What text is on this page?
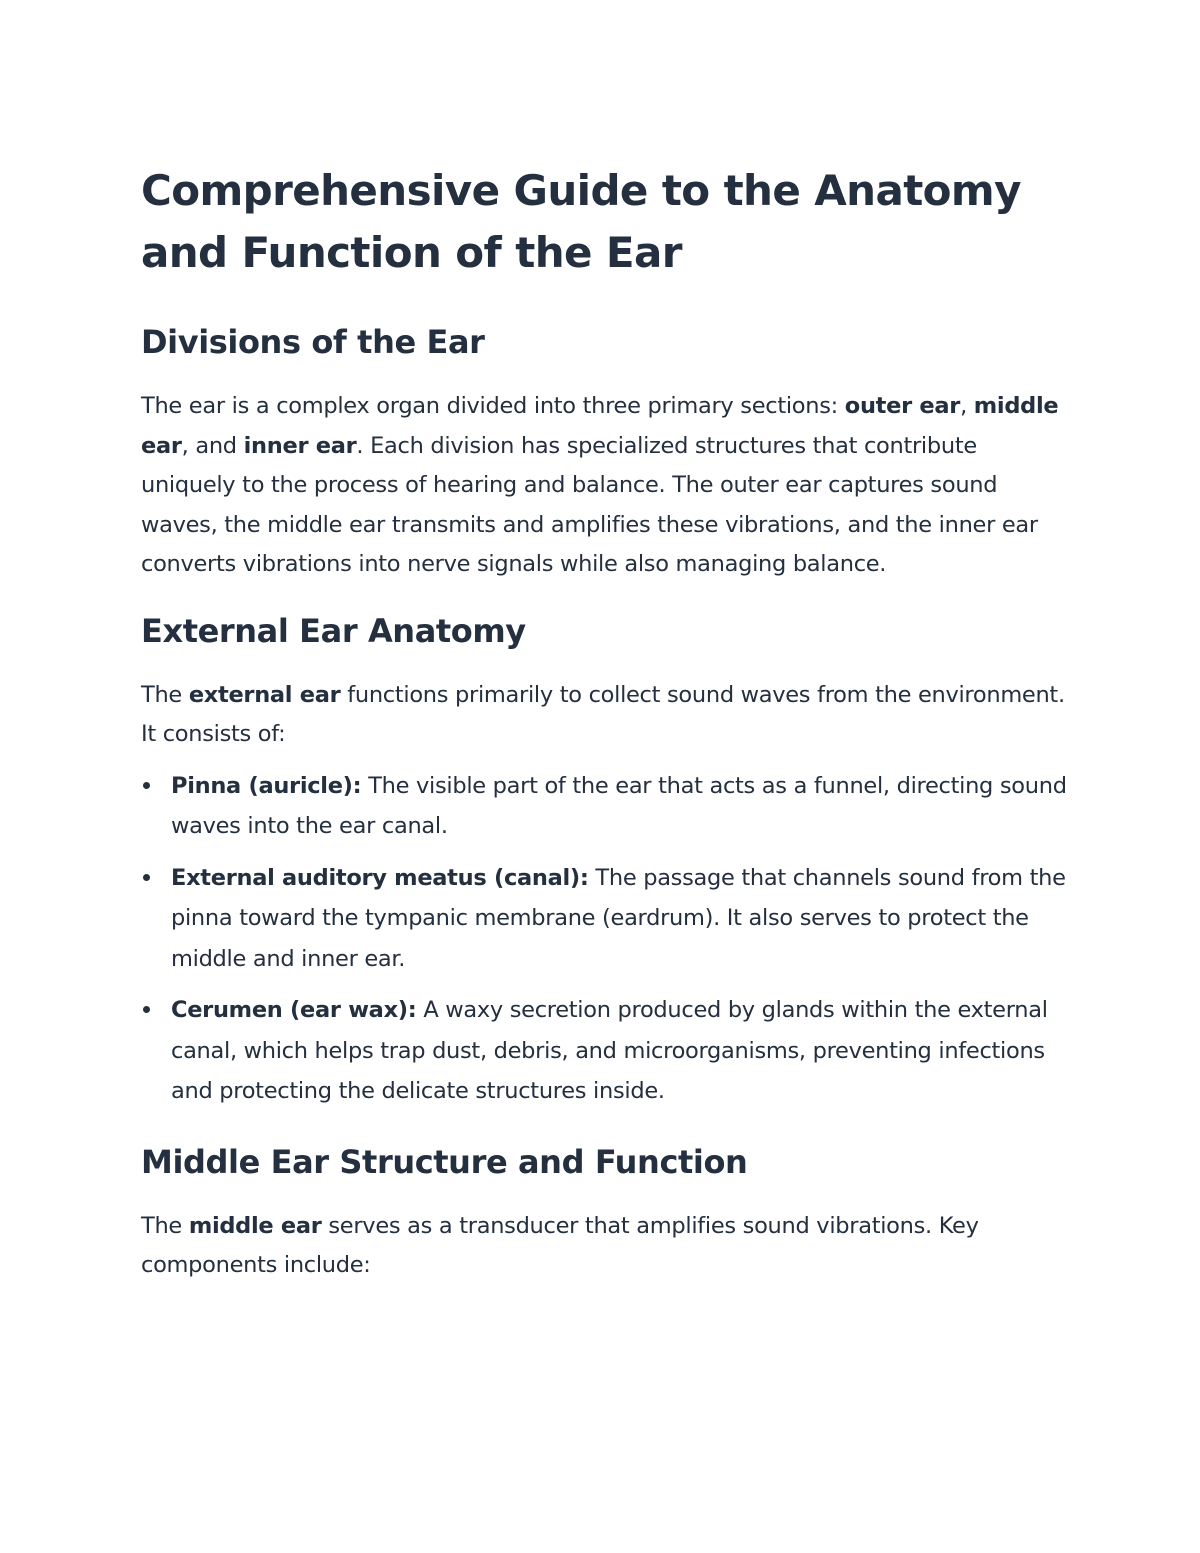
Comprehensive Guide to the Anatomy and Function of the Ear
Divisions of the Ear

The ear is a complex organ divided into three primary sections: outer ear, middle ear, and inner ear. Each division has specialized structures that contribute uniquely to the process of hearing and balance. The outer ear captures sound waves, the middle ear transmits and amplifies these vibrations, and the inner ear converts vibrations into nerve signals while also managing balance.

External Ear Anatomy

The external ear functions primarily to collect sound waves from the environment. It consists of:

Pinna (auricle): The visible part of the ear that acts as a funnel, directing sound waves into the ear canal.
External auditory meatus (canal): The passage that channels sound from the pinna toward the tympanic membrane (eardrum). It also serves to protect the middle and inner ear.
Cerumen (ear wax): A waxy secretion produced by glands within the external canal, which helps trap dust, debris, and microorganisms, preventing infections and protecting the delicate structures inside.
Middle Ear Structure and Function

The middle ear serves as a transducer that amplifies sound vibrations. Key components include:
